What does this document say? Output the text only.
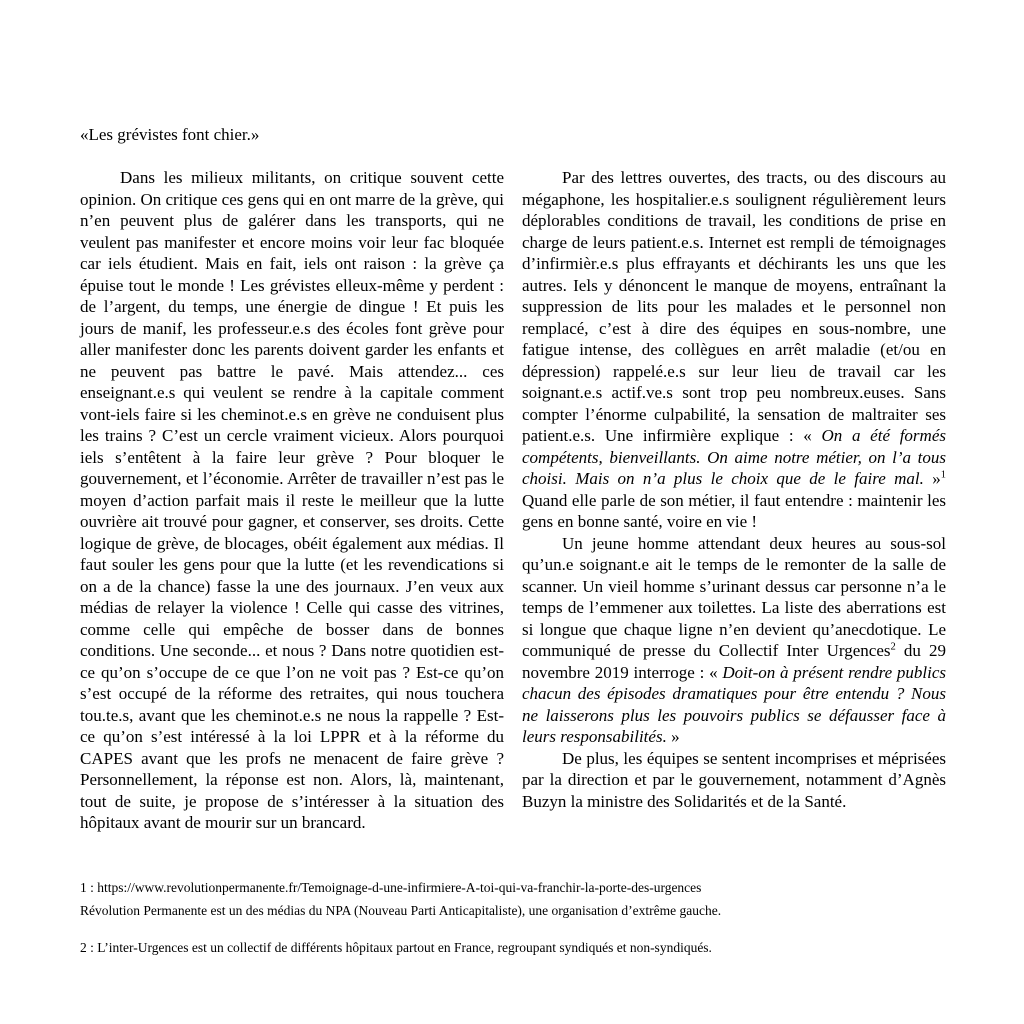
«Les grévistes font chier.»

Dans les milieux militants, on critique souvent cette opinion. On critique ces gens qui en ont marre de la grève, qui n’en peuvent plus de galérer dans les transports, qui ne veulent pas manifester et encore moins voir leur fac bloquée car iels étudient. Mais en fait, iels ont raison : la grève ça épuise tout le monde ! Les grévistes elleux-même y perdent : de l’argent, du temps, une énergie de dingue ! Et puis les jours de manif, les professeur.e.s des écoles font grève pour aller manifester donc les parents doivent garder les enfants et ne peuvent pas battre le pavé. Mais attendez... ces enseignant.e.s qui veulent se rendre à la capitale comment vont-iels faire si les cheminot.e.s en grève ne conduisent plus les trains ? C’est un cercle vraiment vicieux. Alors pourquoi iels s’entêtent à la faire leur grève ? Pour bloquer le gouvernement, et l’économie. Arrêter de travailler n’est pas le moyen d’action parfait mais il reste le meilleur que la lutte ouvrière ait trouvé pour gagner, et conserver, ses droits. Cette logique de grève, de blocages, obéit également aux médias. Il faut souler les gens pour que la lutte (et les revendications si on a de la chance) fasse la une des journaux. J’en veux aux médias de relayer la violence ! Celle qui casse des vitrines, comme celle qui empêche de bosser dans de bonnes conditions. Une seconde... et nous ? Dans notre quotidien est-ce qu’on s’occupe de ce que l’on ne voit pas ? Est-ce qu’on s’est occupé de la réforme des retraites, qui nous touchera tou.te.s, avant que les cheminot.e.s ne nous la rappelle ? Est-ce qu’on s’est intéressé à la loi LPPR et à la réforme du CAPES avant que les profs ne menacent de faire grève ? Personnellement, la réponse est non. Alors, là, maintenant, tout de suite, je propose de s’intéresser à la situation des hôpitaux avant de mourir sur un brancard.

Par des lettres ouvertes, des tracts, ou des discours au mégaphone, les hospitalier.e.s soulignent régulièrement leurs déplorables conditions de travail, les conditions de prise en charge de leurs patient.e.s. Internet est rempli de témoignages d’infirmièr.e.s plus effrayants et déchirants les uns que les autres. Iels y dénoncent le manque de moyens, entraînant la suppression de lits pour les malades et le personnel non remplacé, c’est à dire des équipes en sous-nombre, une fatigue intense, des collègues en arrêt maladie (et/ou en dépression) rappelé.e.s sur leur lieu de travail car les soignant.e.s actif.ve.s sont trop peu nombreux.euses. Sans compter l’énorme culpabilité, la sensation de maltraiter ses patient.e.s. Une infirmière explique : « On a été formés compétents, bienveillants. On aime notre métier, on l’a tous choisi. Mais on n’a plus le choix que de le faire mal. »$^1$ Quand elle parle de son métier, il faut entendre : maintenir les gens en bonne santé, voire en vie !

Un jeune homme attendant deux heures au sous-sol qu’un.e soignant.e ait le temps de le remonter de la salle de scanner. Un vieil homme s’urinant dessus car personne n’a le temps de l’emmener aux toilettes. La liste des aberrations est si longue que chaque ligne n’en devient qu’anecdotique. Le communiqué de presse du Collectif Inter Urgences$^2$ du 29 novembre 2019 interroge : « Doit-on à présent rendre publics chacun des épisodes dramatiques pour être entendu ? Nous ne laisserons plus les pouvoirs publics se défausser face à leurs responsabilités. »

De plus, les équipes se sentent incomprises et méprisées par la direction et par le gouvernement, notamment d’Agnès Buzyn la ministre des Solidarités et de la Santé.

1 : https://www.revolutionpermanente.fr/Temoignage-d-une-infirmiere-A-toi-qui-va-franchir-la-porte-des-urgences
Révolution Permanente est un des médias du NPA (Nouveau Parti Anticapitaliste), une organisation d’extrême gauche.
2 : L’inter-Urgences est un collectif de différents hôpitaux partout en France, regroupant syndiqués et non-syndiqués.
